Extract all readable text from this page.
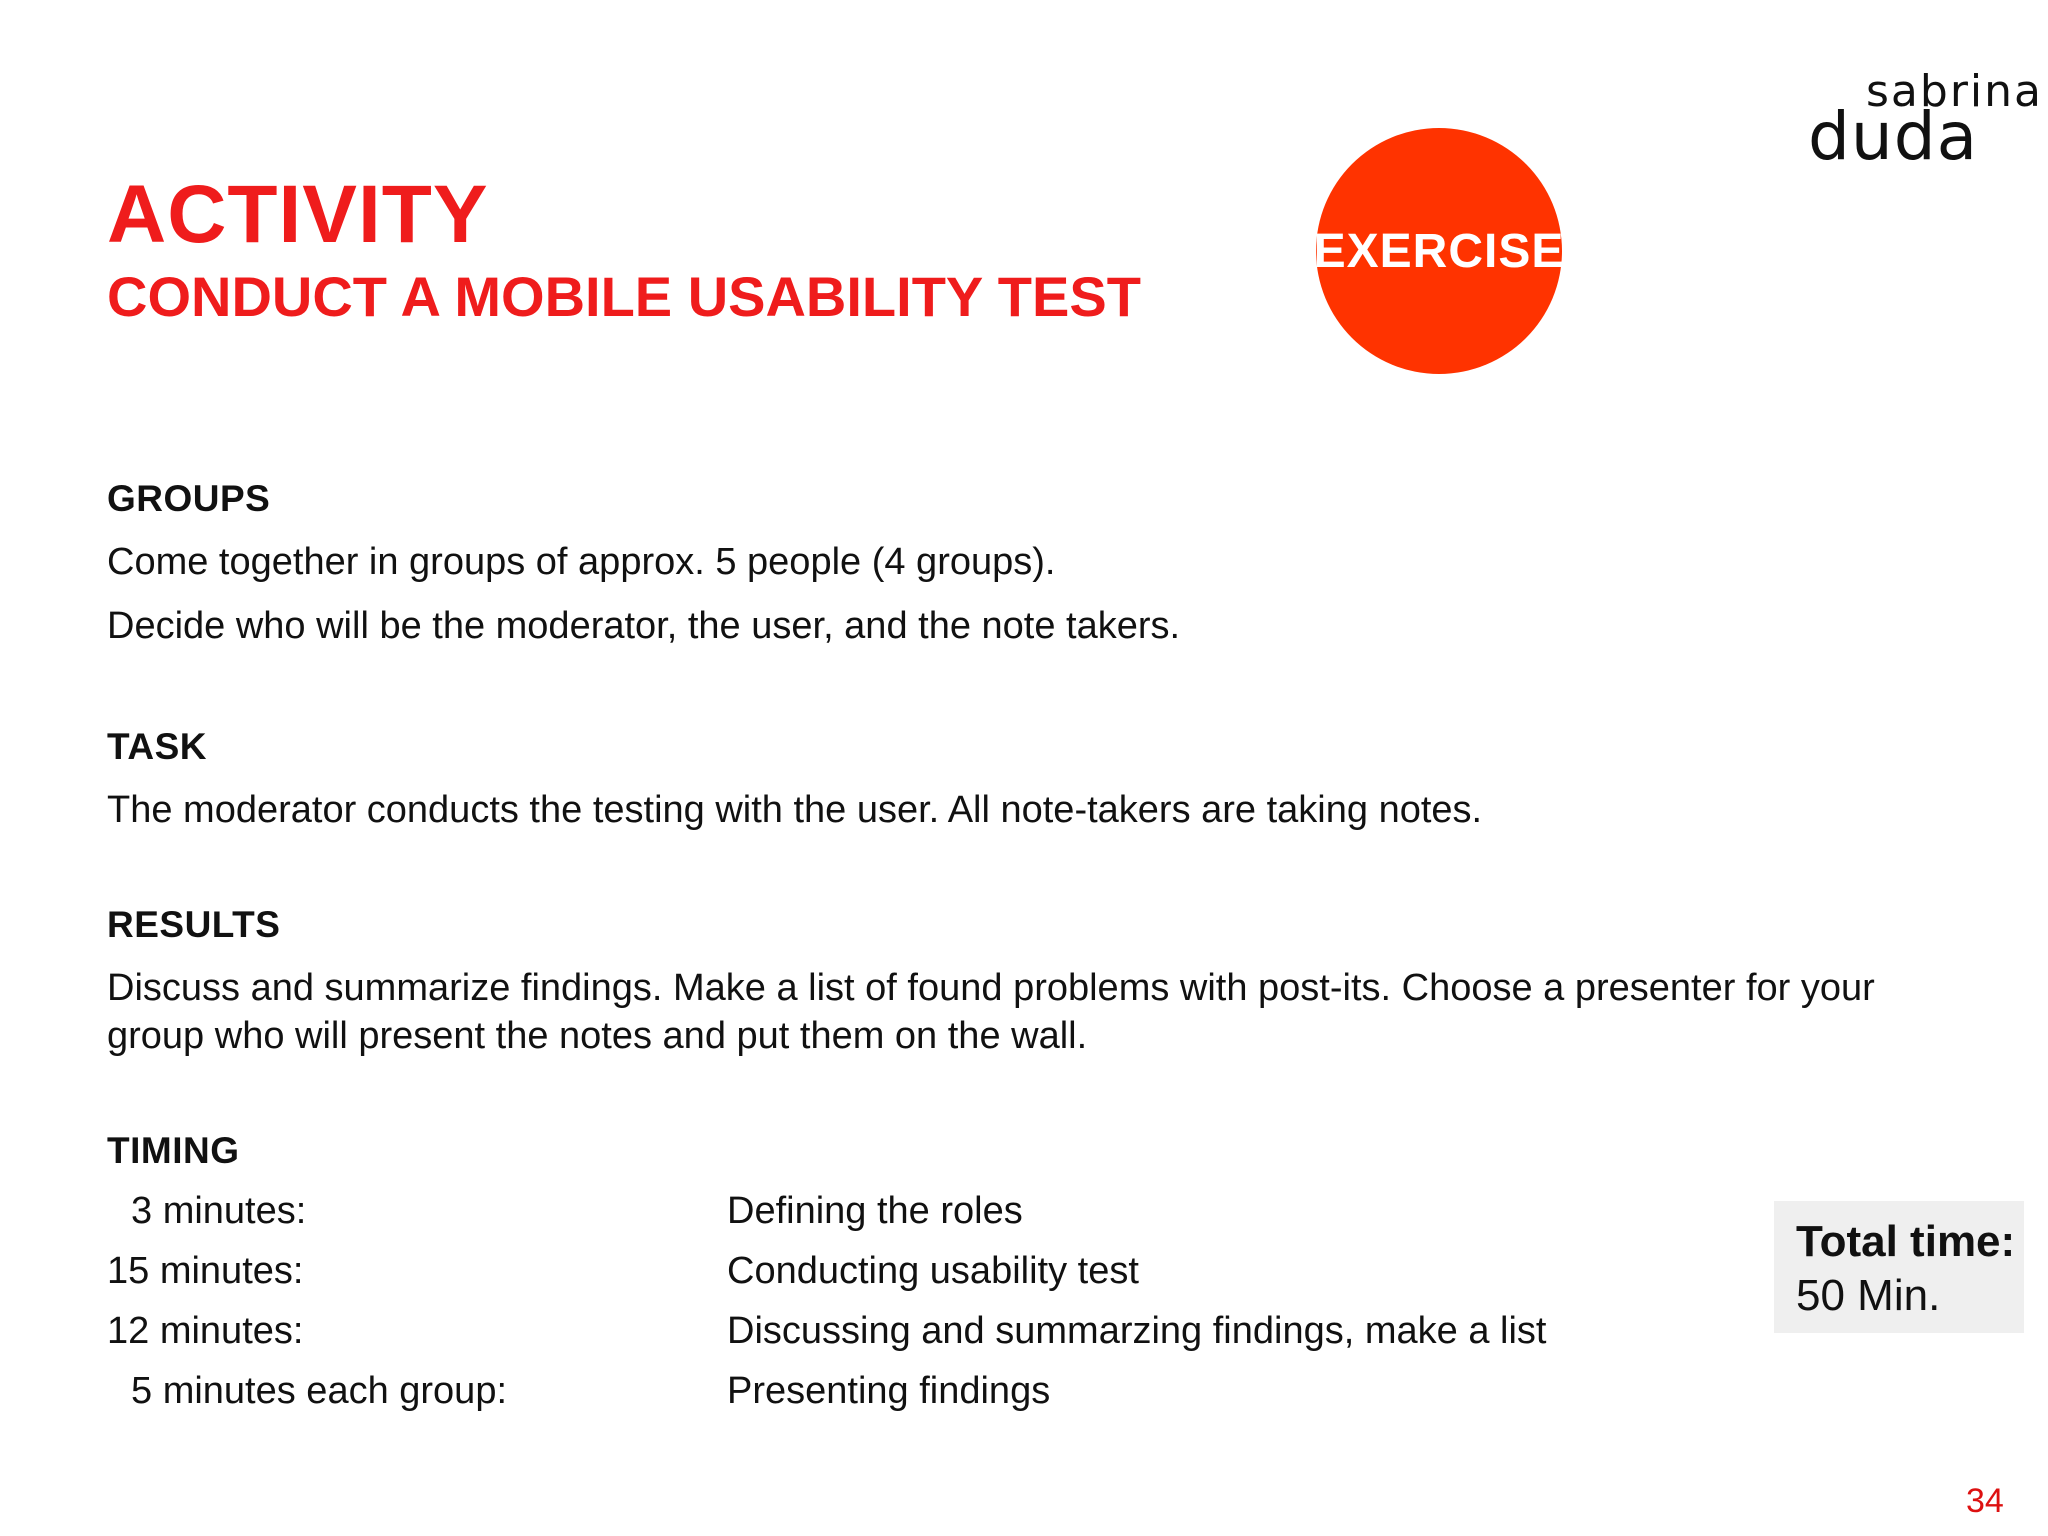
sabrina
duda
ACTIVITY
CONDUCT A MOBILE USABILITY TEST
EXERCISE
GROUPS

Come together in groups of approx. 5 people (4 groups).

Decide who will be the moderator, the user, and the note takers.

TASK

The moderator conducts the testing with the user. All note-takers are taking notes.

RESULTS

Discuss and summarize findings. Make a list of found problems with post-its. Choose a presenter for your

group who will present the notes and put them on the wall.

TIMING
3 minutes:	Defining the roles
15 minutes:	Conducting usability test
12 minutes:	Discussing and summarzing findings, make a list
5 minutes each group:	Presenting findings
Total time:
50 Min.
34
